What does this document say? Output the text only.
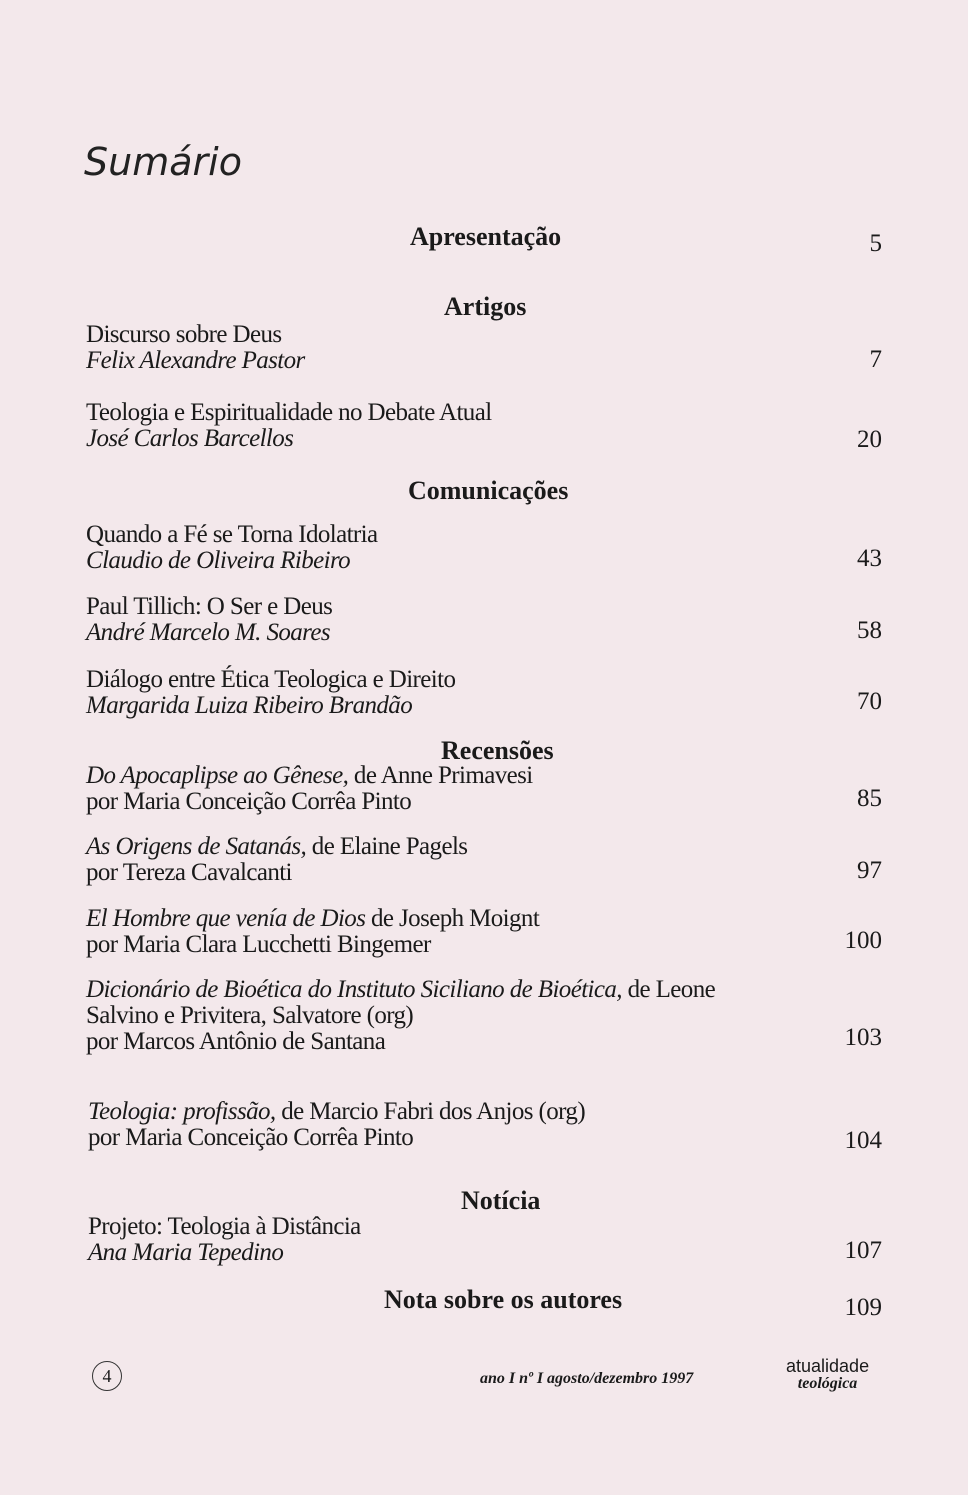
Sumário
Apresentação	5
Artigos
Discurso sobre Deus
Felix Alexandre Pastor	7
Teologia e Espiritualidade no Debate Atual
José Carlos Barcellos	20
Comunicações
Quando a Fé se Torna Idolatria
Claudio de Oliveira Ribeiro	43
Paul Tillich: O Ser e Deus
André Marcelo M. Soares	58
Diálogo entre Ética Teologica e Direito
Margarida Luiza Ribeiro Brandão	70
Recensões
Do Apocaplipse ao Gênese, de Anne Primavesi
por Maria Conceição Corrêa Pinto	85
As Origens de Satanás, de Elaine Pagels
por Tereza Cavalcanti	97
El Hombre que venía de Dios de Joseph Moignt
por Maria Clara Lucchetti Bingemer	100
Dicionário de Bioética do Instituto Siciliano de Bioética, de Leone
Salvino e Privitera, Salvatore (org)
por Marcos Antônio de Santana	103
Teologia: profissão, de Marcio Fabri dos Anjos (org)
por Maria Conceição Corrêa Pinto	104
Notícia
Projeto: Teologia à Distância
Ana Maria Tepedino	107
Nota sobre os autores	109
4	ano I nº I agosto/dezembro 1997
atualidade
teológica
